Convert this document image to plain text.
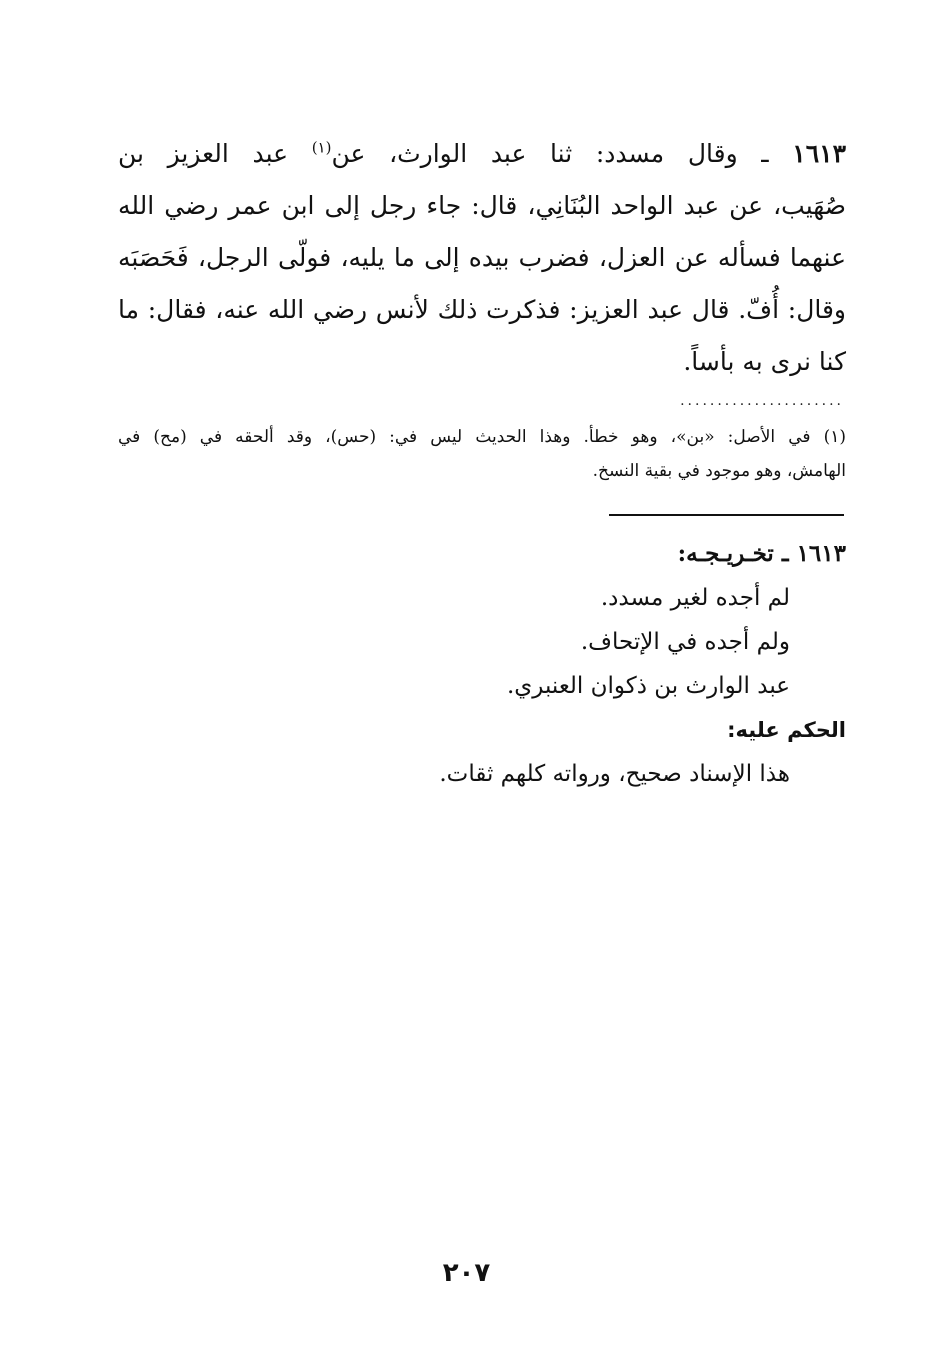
١٦١٣ ـ وقال مسدد: ثنا عبد الوارث، عن$^{(١)}$ عبد العزيز بن
صُهَيب، عن عبد الواحد البُنَانِي، قال: جاء رجل إلى ابن عمر رضي الله
عنهما فسأله عن العزل، فضرب بيده إلى ما يليه، فولّى الرجل، فَحَصَبَه
وقال: أُفّ. قال عبد العزيز: فذكرت ذلك لأنس رضي الله عنه، فقال: ما
كنا نرى به بأساً.
......................
(١) في الأصل: «بن»، وهو خطأ. وهذا الحديث ليس في: (حس)، وقد ألحقه في (مح) في
الهامش، وهو موجود في بقية النسخ.
١٦١٣ ـ تخـريـجـه:
لم أجده لغير مسدد.
ولم أجده في الإتحاف.
عبد الوارث بن ذكوان العنبري.
الحكم عليه:
هذا الإسناد صحيح، ورواته كلهم ثقات.
٢٠٧
